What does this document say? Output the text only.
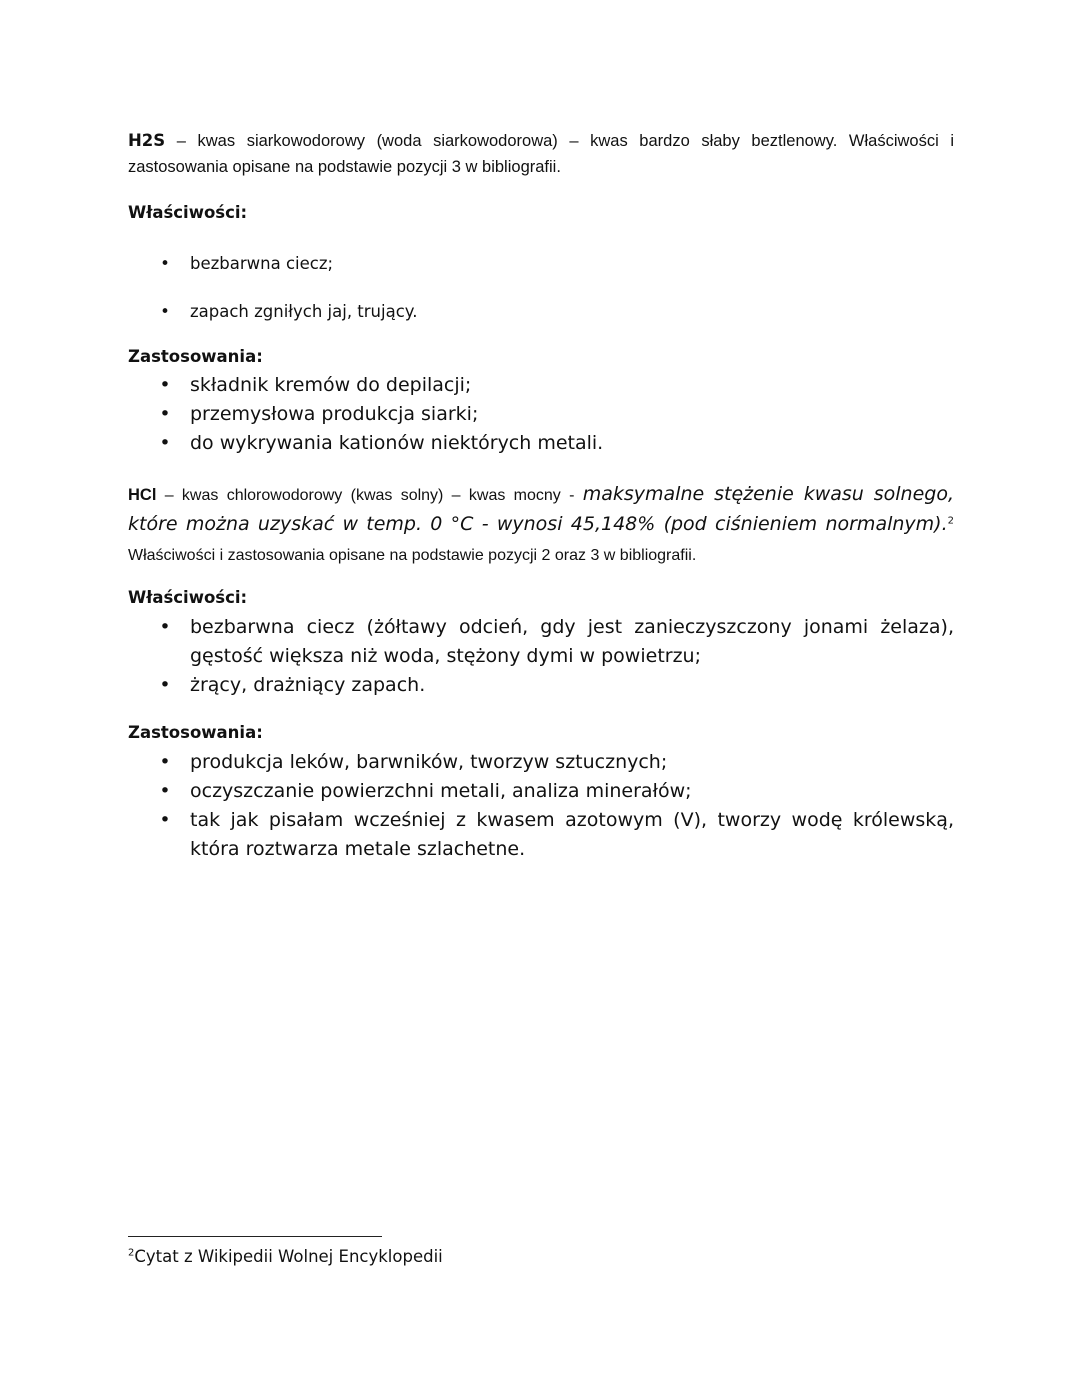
H2S – kwas siarkowodorowy (woda siarkowodorowa) – kwas bardzo słaby beztlenowy. Właściwości i zastosowania opisane na podstawie pozycji 3 w bibliografii.

Właściwości:

•	bezbarwna ciecz;
•	zapach zgniłych jaj, trujący.

Zastosowania:

• składnik kremów do depilacji;
• przemysłowa produkcja siarki;
• do wykrywania kationów niektórych metali.

HCl – kwas chlorowodorowy (kwas solny) – kwas mocny - maksymalne stężenie kwasu solnego, które można uzyskać w temp. 0 °C - wynosi 45,148% (pod ciśnieniem normalnym).$^2$ Właściwości i zastosowania opisane na podstawie pozycji 2 oraz 3 w bibliografii.

Właściwości:

• bezbarwna ciecz (żółtawy odcień, gdy jest zanieczyszczony jonami żelaza), gęstość większa niż woda, stężony dymi w powietrzu;
• żrący, drażniący zapach.

Zastosowania:

• produkcja leków, barwników, tworzyw sztucznych;
• oczyszczanie powierzchni metali, analiza minerałów;
• tak jak pisałam wcześniej z kwasem azotowym (V), tworzy wodę królewską, która roztwarza metale szlachetne.

$^2$Cytat z Wikipedii Wolnej Encyklopedii
